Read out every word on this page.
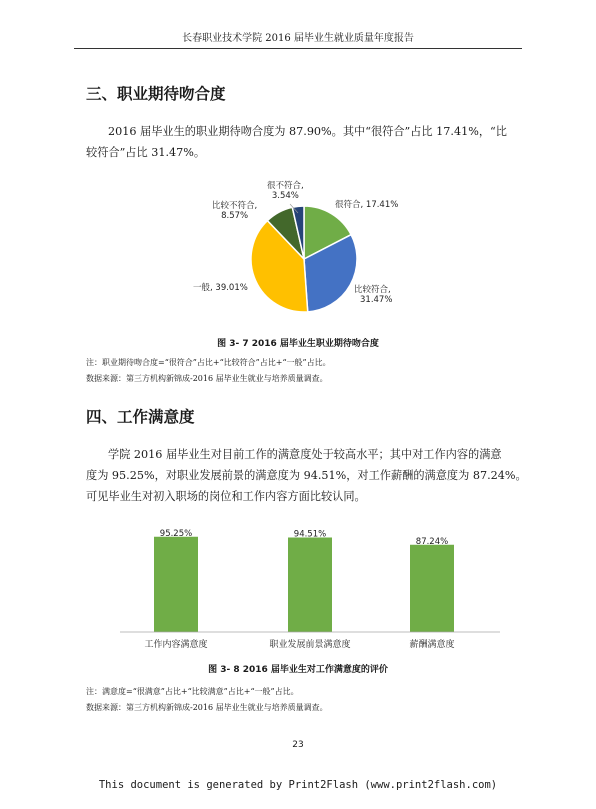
长春职业技术学院 2016 届毕业生就业质量年度报告
三、职业期待吻合度
2016 届毕业生的职业期待吻合度为 87.90%。其中“很符合”占比 17.41%，“比
较符合”占比 31.47%。
很符合, 17.41%
比较符合,
31.47%
一般, 39.01%
比较不符合,
8.57%
很不符合,
3.54%
图 3- 7 2016 届毕业生职业期待吻合度
注：职业期待吻合度=“很符合”占比+“比较符合”占比+“一般”占比。
数据来源：第三方机构新锦成-2016 届毕业生就业与培养质量调查。
四、工作满意度
学院 2016 届毕业生对目前工作的满意度处于较高水平；其中对工作内容的满意
度为 95.25%，对职业发展前景的满意度为 94.51%，对工作薪酬的满意度为 87.24%。
可见毕业生对初入职场的岗位和工作内容方面比较认同。
95.25%	94.51%
87.24%
工作内容满意度	职业发展前景满意度	薪酬满意度
图 3- 8 2016 届毕业生对工作满意度的评价
注：满意度=“很满意”占比+“比较满意”占比+“一般”占比。
数据来源：第三方机构新锦成-2016 届毕业生就业与培养质量调查。
23
This document is generated by Print2Flash (www.print2flash.com)
